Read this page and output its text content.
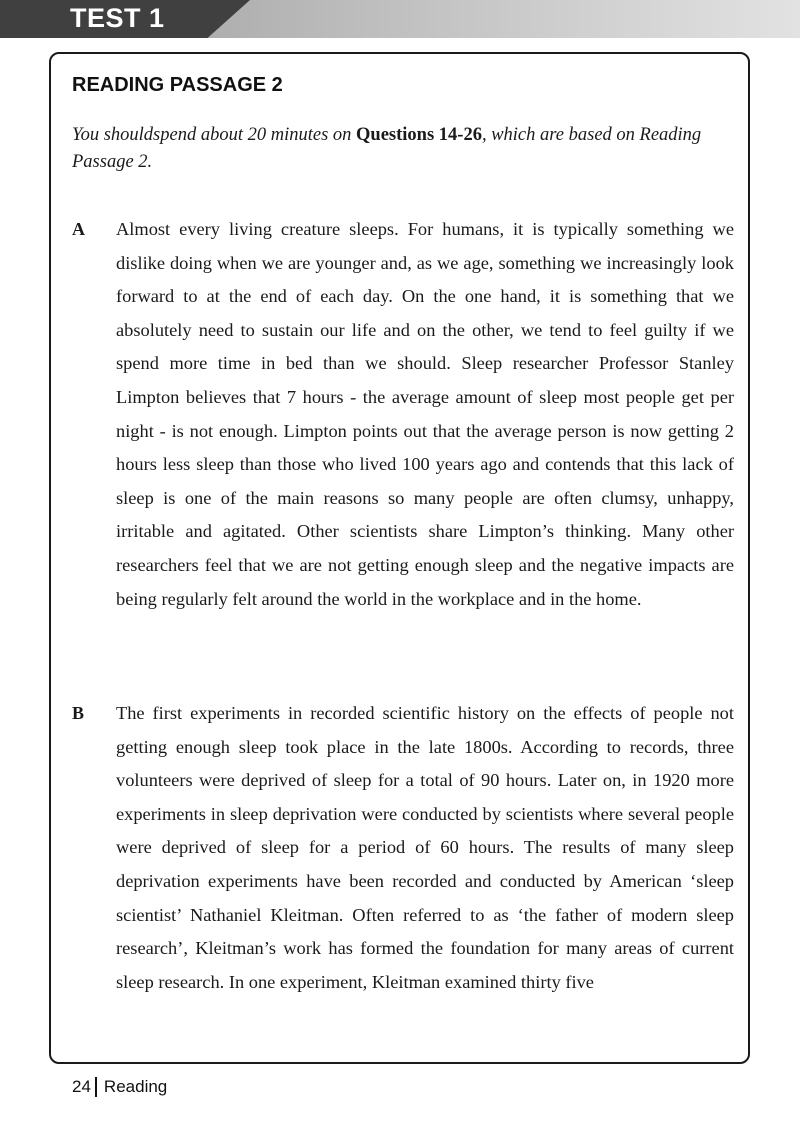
TEST 1
READING PASSAGE 2
You shouldspend about 20 minutes on Questions 14-26, which are based on Reading Passage 2.
A Almost every living creature sleeps. For humans, it is typically something we dislike doing when we are younger and, as we age, something we increasingly look forward to at the end of each day. On the one hand, it is something that we absolutely need to sustain our life and on the other, we tend to feel guilty if we spend more time in bed than we should. Sleep researcher Professor Stanley Limpton believes that 7 hours - the average amount of sleep most people get per night - is not enough. Limpton points out that the average person is now getting 2 hours less sleep than those who lived 100 years ago and contends that this lack of sleep is one of the main reasons so many people are often clumsy, unhappy, irritable and agitated. Other scientists share Limpton’s thinking. Many other researchers feel that we are not getting enough sleep and the negative impacts are being regularly felt around the world in the workplace and in the home.
B The first experiments in recorded scientific history on the effects of people not getting enough sleep took place in the late 1800s. According to records, three volunteers were deprived of sleep for a total of 90 hours. Later on, in 1920 more experiments in sleep deprivation were conducted by scientists where several people were deprived of sleep for a period of 60 hours. The results of many sleep deprivation experiments have been recorded and conducted by American ‘sleep scientist’ Nathaniel Kleitman. Often referred to as ‘the father of modern sleep research’, Kleitman’s work has formed the foundation for many areas of current sleep research. In one experiment, Kleitman examined thirty five
24 Reading
